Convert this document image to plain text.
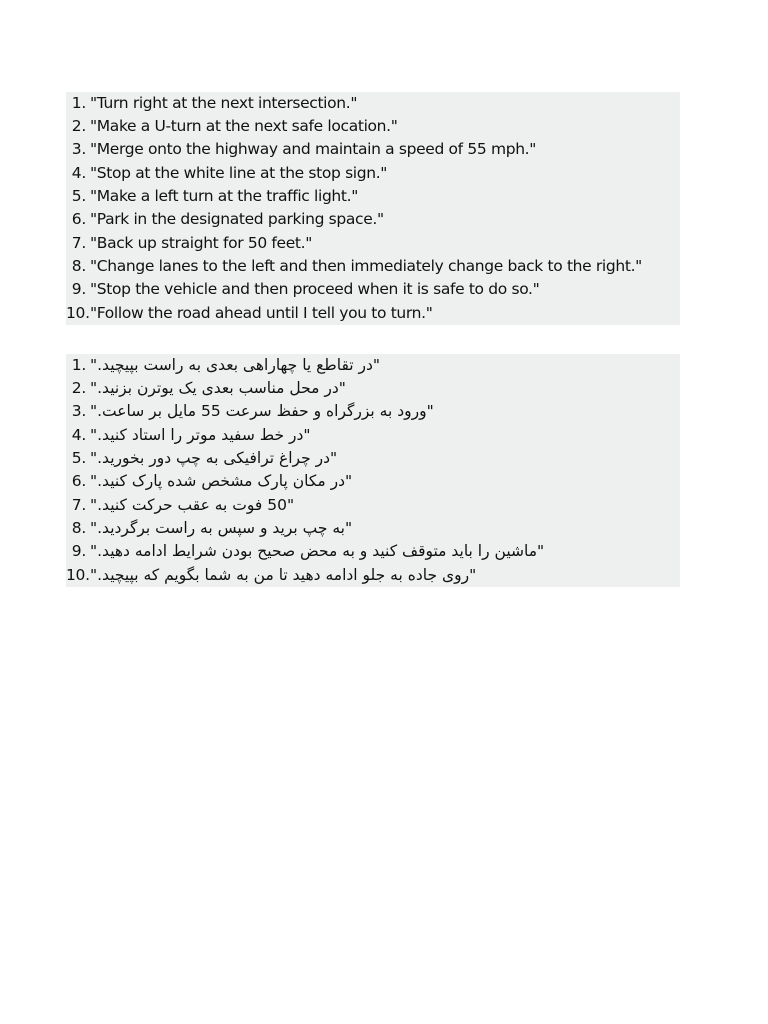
1. "Turn right at the next intersection."
2. "Make a U-turn at the next safe location."
3. "Merge onto the highway and maintain a speed of 55 mph."
4. "Stop at the white line at the stop sign."
5. "Make a left turn at the traffic light."
6. "Park in the designated parking space."
7. "Back up straight for 50 feet."
8. "Change lanes to the left and then immediately change back to the right."
9. "Stop the vehicle and then proceed when it is safe to do so."
10. "Follow the road ahead until I tell you to turn."
1. "در تقاطع یا چهاراهی بعدی به راست بپیچید."
2. "در محل مناسب بعدی یک یوترن بزنید."
3. "ورود به بزرگراه و حفظ سرعت 55 مایل بر ساعت."
4. "در خط سفید موتر را استاد کنید."
5. "در چراغ ترافیکی به چپ دور بخورید."
6. "در مکان پارک مشخص شده پارک کنید."
7. "50 فوت به عقب حرکت کنید."
8. "به چپ برید و سپس به راست برگردید."
9. "ماشین را باید متوقف کنید و به محض صحیح بودن شرایط ادامه دهید."
10. "روی جاده به جلو ادامه دهید تا من به شما بگویم که بپیچید."
